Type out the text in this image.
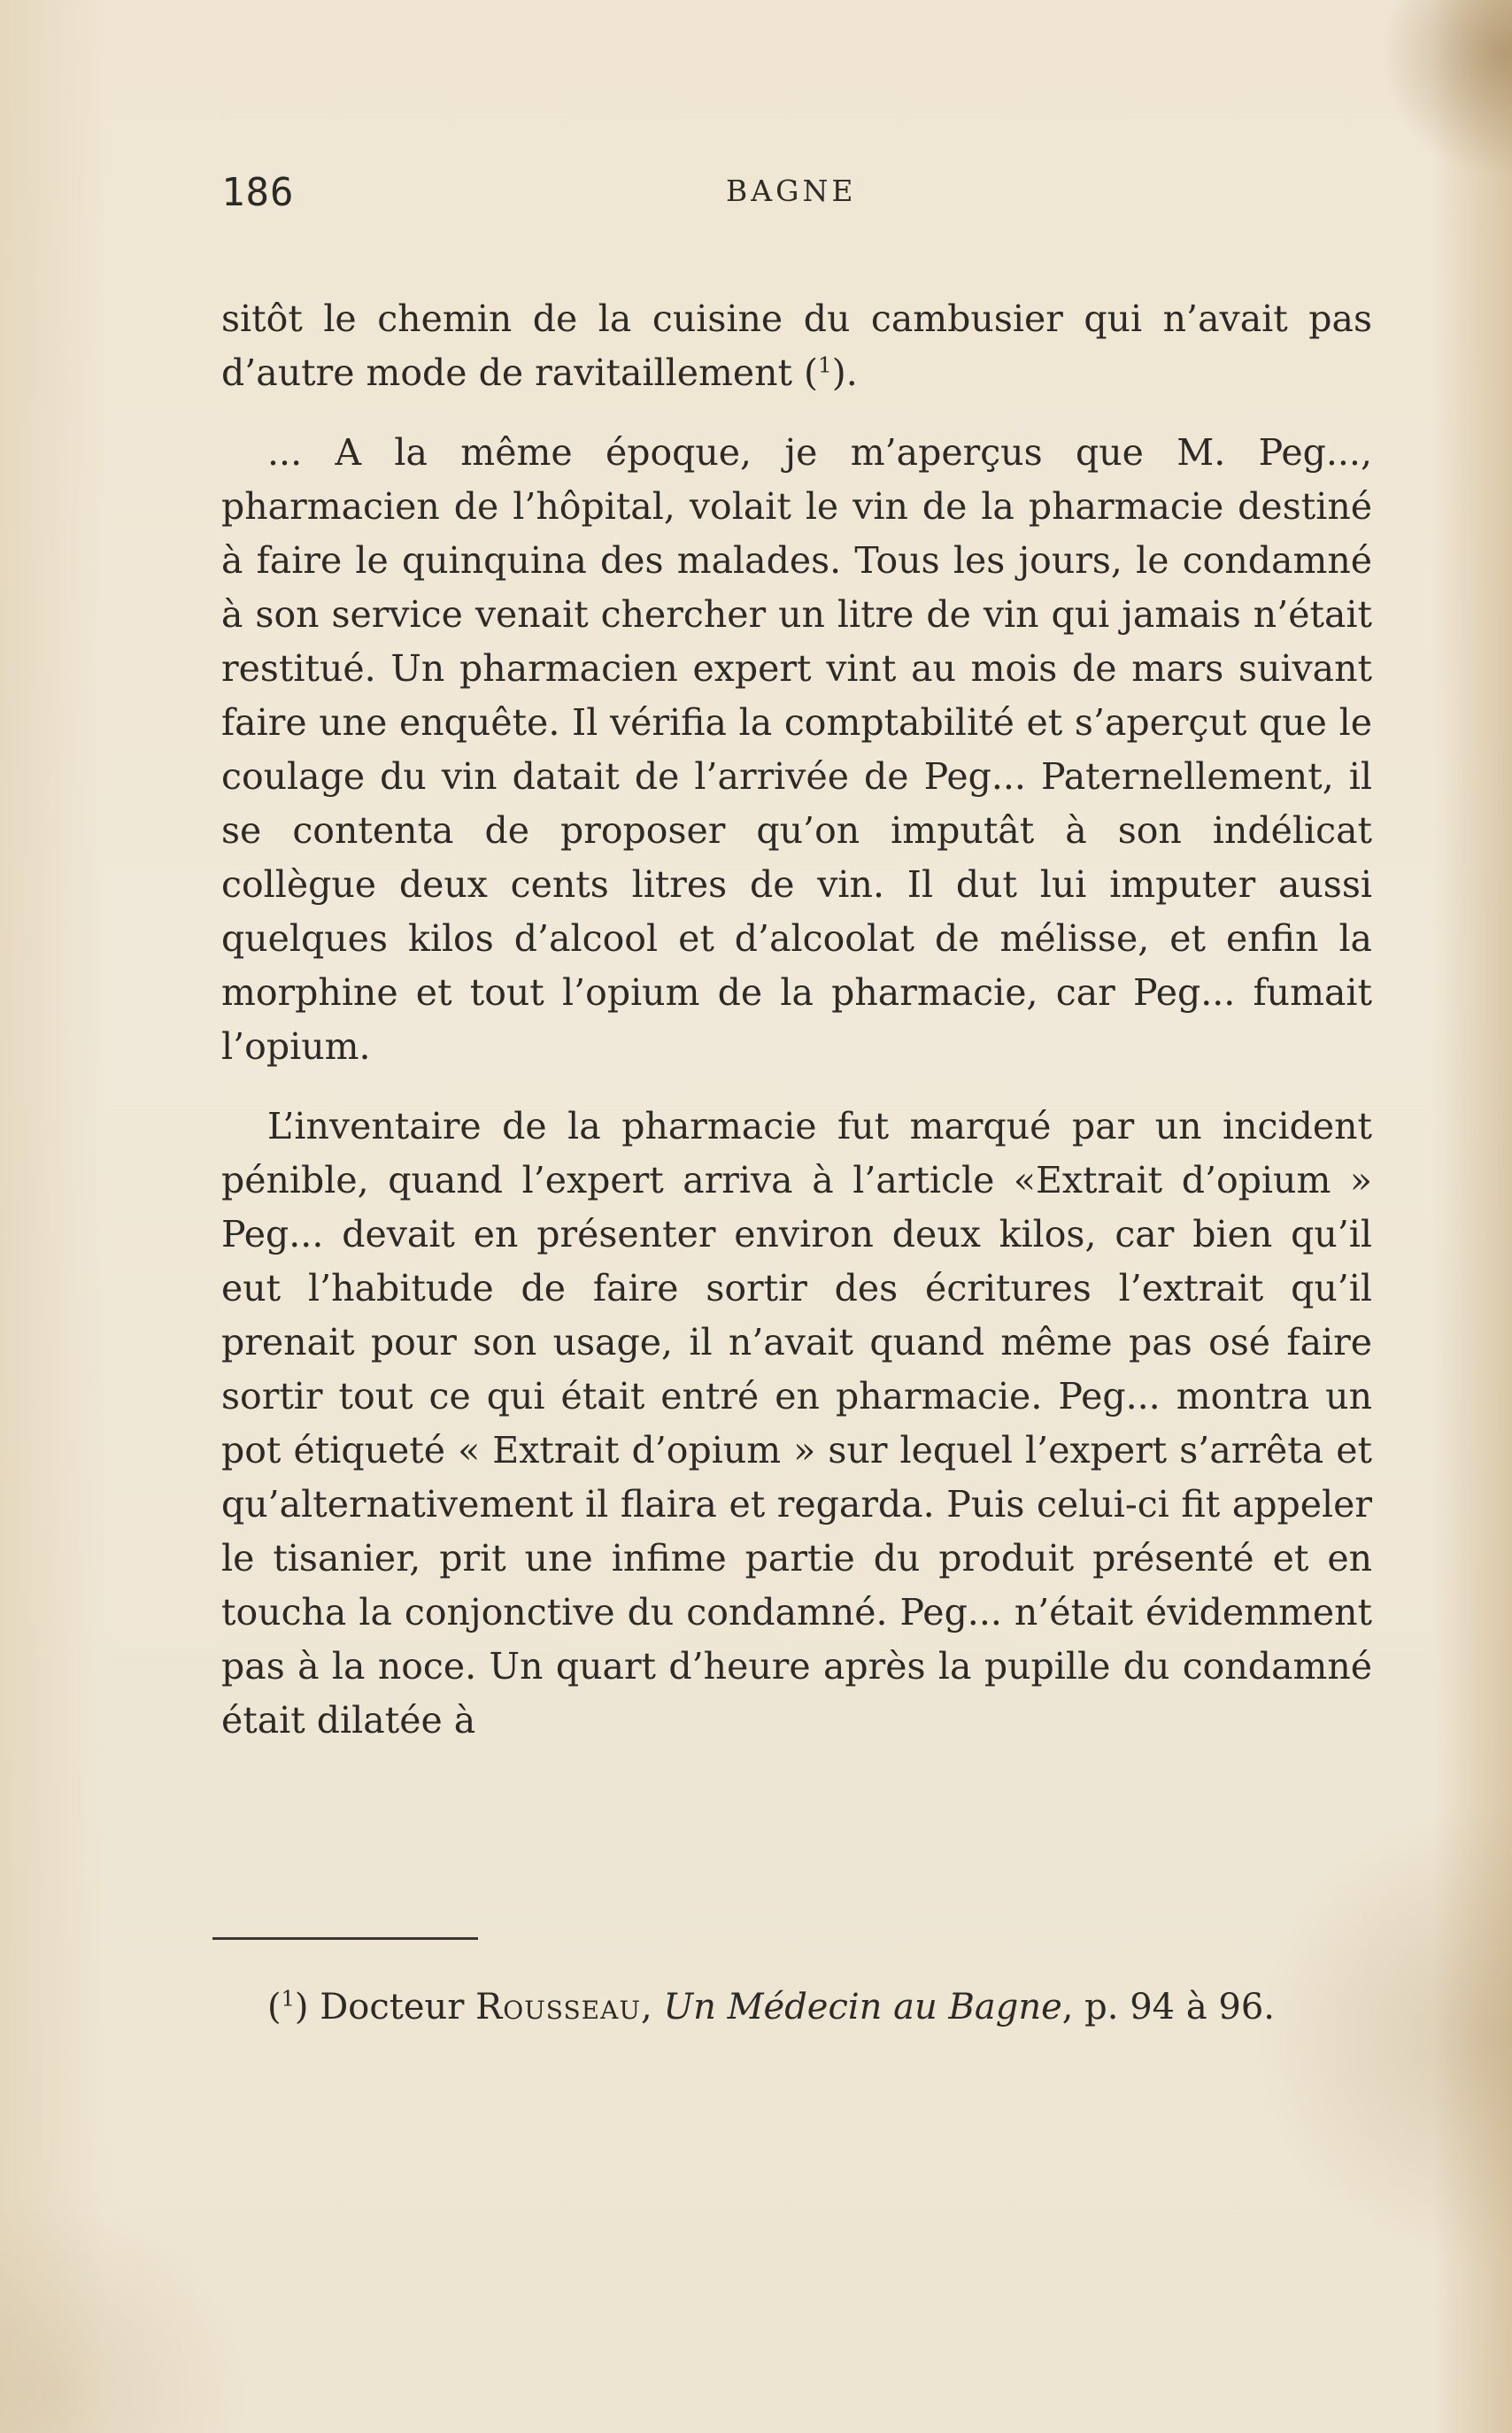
186	BAGNE

sitôt le chemin de la cuisine du cambusier qui n’avait pas d’autre mode de ravitaillement ($^1$).

... A la même époque, je m’aperçus que M. Peg..., pharmacien de l’hôpital, volait le vin de la pharmacie destiné à faire le quinquina des malades. Tous les jours, le condamné à son service venait chercher un litre de vin qui jamais n’était restitué. Un pharmacien expert vint au mois de mars suivant faire une enquête. Il vérifia la comptabilité et s’aperçut que le coulage du vin datait de l’arrivée de Peg... Paternellement, il se contenta de proposer qu’on imputât à son indélicat collègue deux cents litres de vin. Il dut lui imputer aussi quelques kilos d’alcool et d’alcoolat de mélisse, et enfin la morphine et tout l’opium de la pharmacie, car Peg... fumait l’opium.

L’inventaire de la pharmacie fut marqué par un incident pénible, quand l’expert arriva à l’article «Extrait d’opium » Peg... devait en présenter environ deux kilos, car bien qu’il eut l’habitude de faire sortir des écritures l’extrait qu’il prenait pour son usage, il n’avait quand même pas osé faire sortir tout ce qui était entré en pharmacie. Peg... montra un pot étiqueté « Extrait d’opium » sur lequel l’expert s’arrêta et qu’alternativement il flaira et regarda. Puis celui-ci fit appeler le tisanier, prit une infime partie du produit présenté et en toucha la conjonctive du condamné. Peg... n’était évidemment pas à la noce. Un quart d’heure après la pupille du condamné était dilatée à

($^1$) Docteur Rousseau, Un Médecin au Bagne, p. 94 à 96.
